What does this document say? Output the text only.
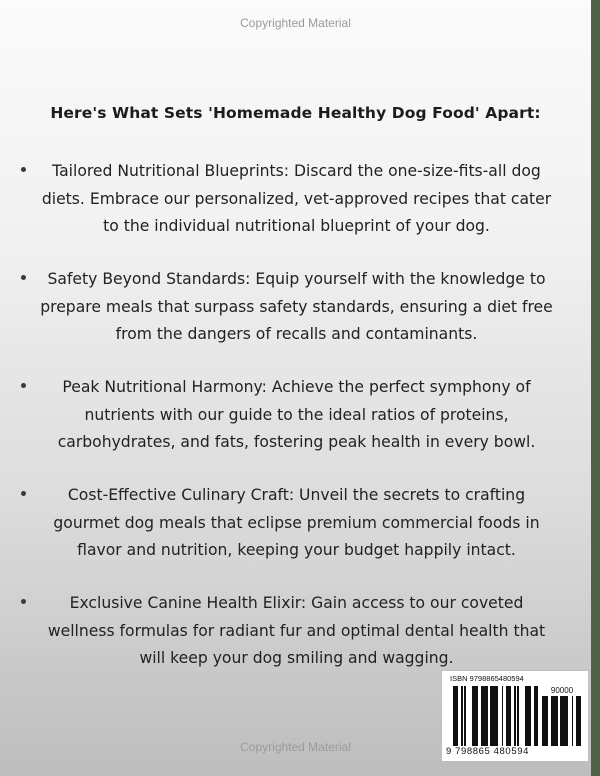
Copyrighted Material
Here's What Sets 'Homemade Healthy Dog Food' Apart:

Tailored Nutritional Blueprints: Discard the one-size-fits-all dog diets. Embrace our personalized, vet-approved recipes that cater to the individual nutritional blueprint of your dog.

Safety Beyond Standards: Equip yourself with the knowledge to prepare meals that surpass safety standards, ensuring a diet free from the dangers of recalls and contaminants.

Peak Nutritional Harmony: Achieve the perfect symphony of nutrients with our guide to the ideal ratios of proteins, carbohydrates, and fats, fostering peak health in every bowl.

Cost-Effective Culinary Craft: Unveil the secrets to crafting gourmet dog meals that eclipse premium commercial foods in flavor and nutrition, keeping your budget happily intact.

Exclusive Canine Health Elixir: Gain access to our coveted wellness formulas for radiant fur and optimal dental health that will keep your dog smiling and wagging.

ISBN 9798865480594
90000
9 798865 480594
Copyrighted Material
